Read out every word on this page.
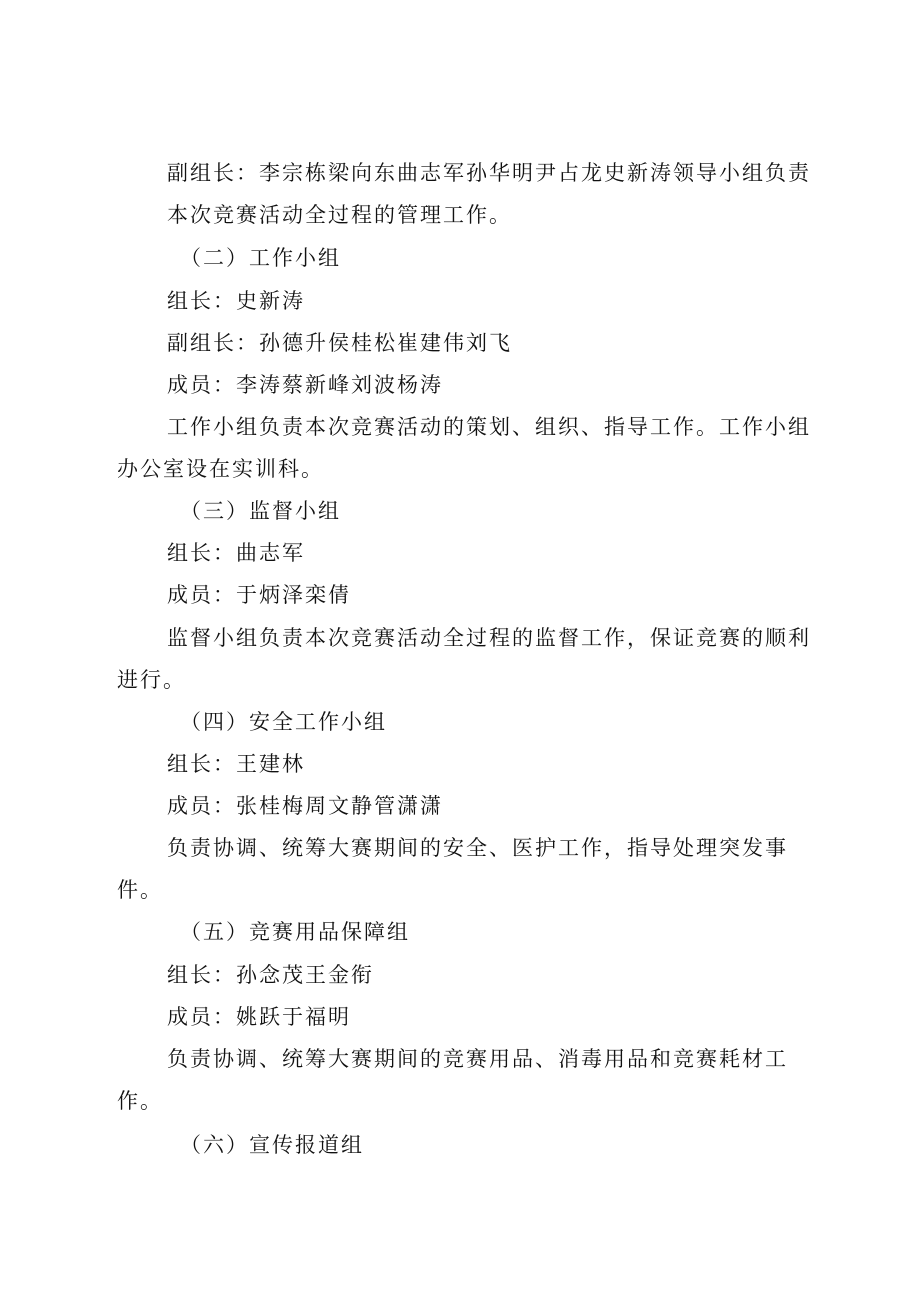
副组长：李宗栋梁向东曲志军孙华明尹占龙史新涛领导小组负责
本次竞赛活动全过程的管理工作。
（二）工作小组
组长：史新涛
副组长：孙德升侯桂松崔建伟刘飞
成员：李涛蔡新峰刘波杨涛
工作小组负责本次竞赛活动的策划、组织、指导工作。工作小组
办公室设在实训科。
（三）监督小组
组长：曲志军
成员：于炳泽栾倩
监督小组负责本次竞赛活动全过程的监督工作，保证竞赛的顺利
进行。
（四）安全工作小组
组长：王建林
成员：张桂梅周文静管潇潇
负责协调、统筹大赛期间的安全、医护工作，指导处理突发事
件。
（五）竞赛用品保障组
组长：孙念茂王金衔
成员：姚跃于福明
负责协调、统筹大赛期间的竞赛用品、消毒用品和竞赛耗材工
作。
（六）宣传报道组
